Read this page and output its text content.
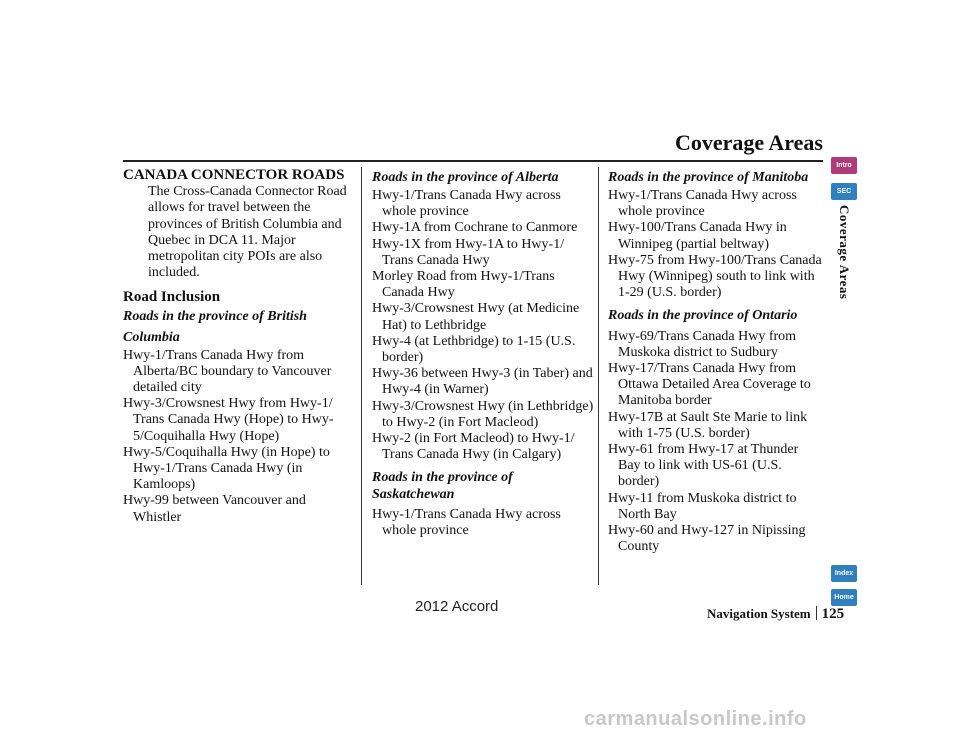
Coverage Areas
CANADA CONNECTOR ROADS
The Cross-Canada Connector Road allows for travel between the provinces of British Columbia and Quebec in DCA 11. Major metropolitan city POIs are also included.
Road Inclusion
Roads in the province of British Columbia
Hwy-1/Trans Canada Hwy from Alberta/BC boundary to Vancouver detailed city
Hwy-3/Crowsnest Hwy from Hwy-1/ Trans Canada Hwy (Hope) to Hwy-5/Coquihalla Hwy (Hope)
Hwy-5/Coquihalla Hwy (in Hope) to Hwy-1/Trans Canada Hwy (in Kamloops)
Hwy-99 between Vancouver and Whistler
Roads in the province of Alberta
Hwy-1/Trans Canada Hwy across whole province
Hwy-1A from Cochrane to Canmore
Hwy-1X from Hwy-1A to Hwy-1/ Trans Canada Hwy
Morley Road from Hwy-1/Trans Canada Hwy
Hwy-3/Crowsnest Hwy (at Medicine Hat) to Lethbridge
Hwy-4 (at Lethbridge) to 1-15 (U.S. border)
Hwy-36 between Hwy-3 (in Taber) and Hwy-4 (in Warner)
Hwy-3/Crowsnest Hwy (in Lethbridge) to Hwy-2 (in Fort Macleod)
Hwy-2 (in Fort Macleod) to Hwy-1/ Trans Canada Hwy (in Calgary)
Roads in the province of Saskatchewan
Hwy-1/Trans Canada Hwy across whole province
Roads in the province of Manitoba
Hwy-1/Trans Canada Hwy across whole province
Hwy-100/Trans Canada Hwy in Winnipeg (partial beltway)
Hwy-75 from Hwy-100/Trans Canada Hwy (Winnipeg) south to link with 1-29 (U.S. border)
Roads in the province of Ontario
Hwy-69/Trans Canada Hwy from Muskoka district to Sudbury
Hwy-17/Trans Canada Hwy from Ottawa Detailed Area Coverage to Manitoba border
Hwy-17B at Sault Ste Marie to link with 1-75 (U.S. border)
Hwy-61 from Hwy-17 at Thunder Bay to link with US-61 (U.S. border)
Hwy-11 from Muskoka district to North Bay
Hwy-60 and Hwy-127 in Nipissing County
Intro
SEC
Coverage Areas
Index
Home
Navigation System 125
2012 Accord
carmanualsonline.info
